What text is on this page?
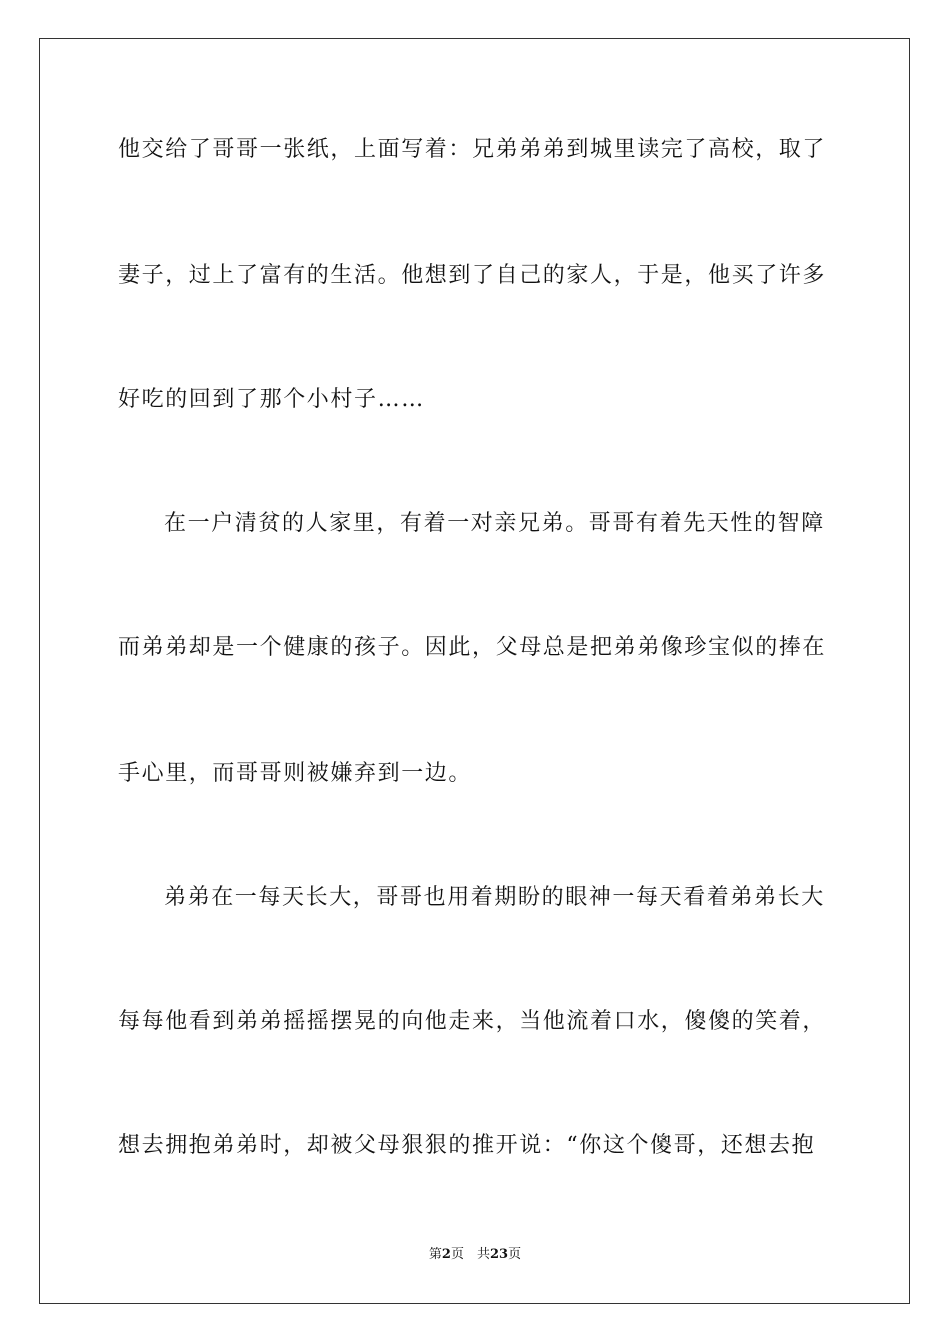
他交给了哥哥一张纸，上面写着：兄弟弟弟到城里读完了高校，取了
妻子，过上了富有的生活。他想到了自己的家人，于是，他买了许多
好吃的回到了那个小村子……
在一户清贫的人家里，有着一对亲兄弟。哥哥有着先天性的智障
而弟弟却是一个健康的孩子。因此，父母总是把弟弟像珍宝似的捧在
手心里，而哥哥则被嫌弃到一边。
弟弟在一每天长大，哥哥也用着期盼的眼神一每天看着弟弟长大
每每他看到弟弟摇摇摆晃的向他走来，当他流着口水，傻傻的笑着，
想去拥抱弟弟时，却被父母狠狠的推开说：“你这个傻哥，还想去抱
第2页　共23页
